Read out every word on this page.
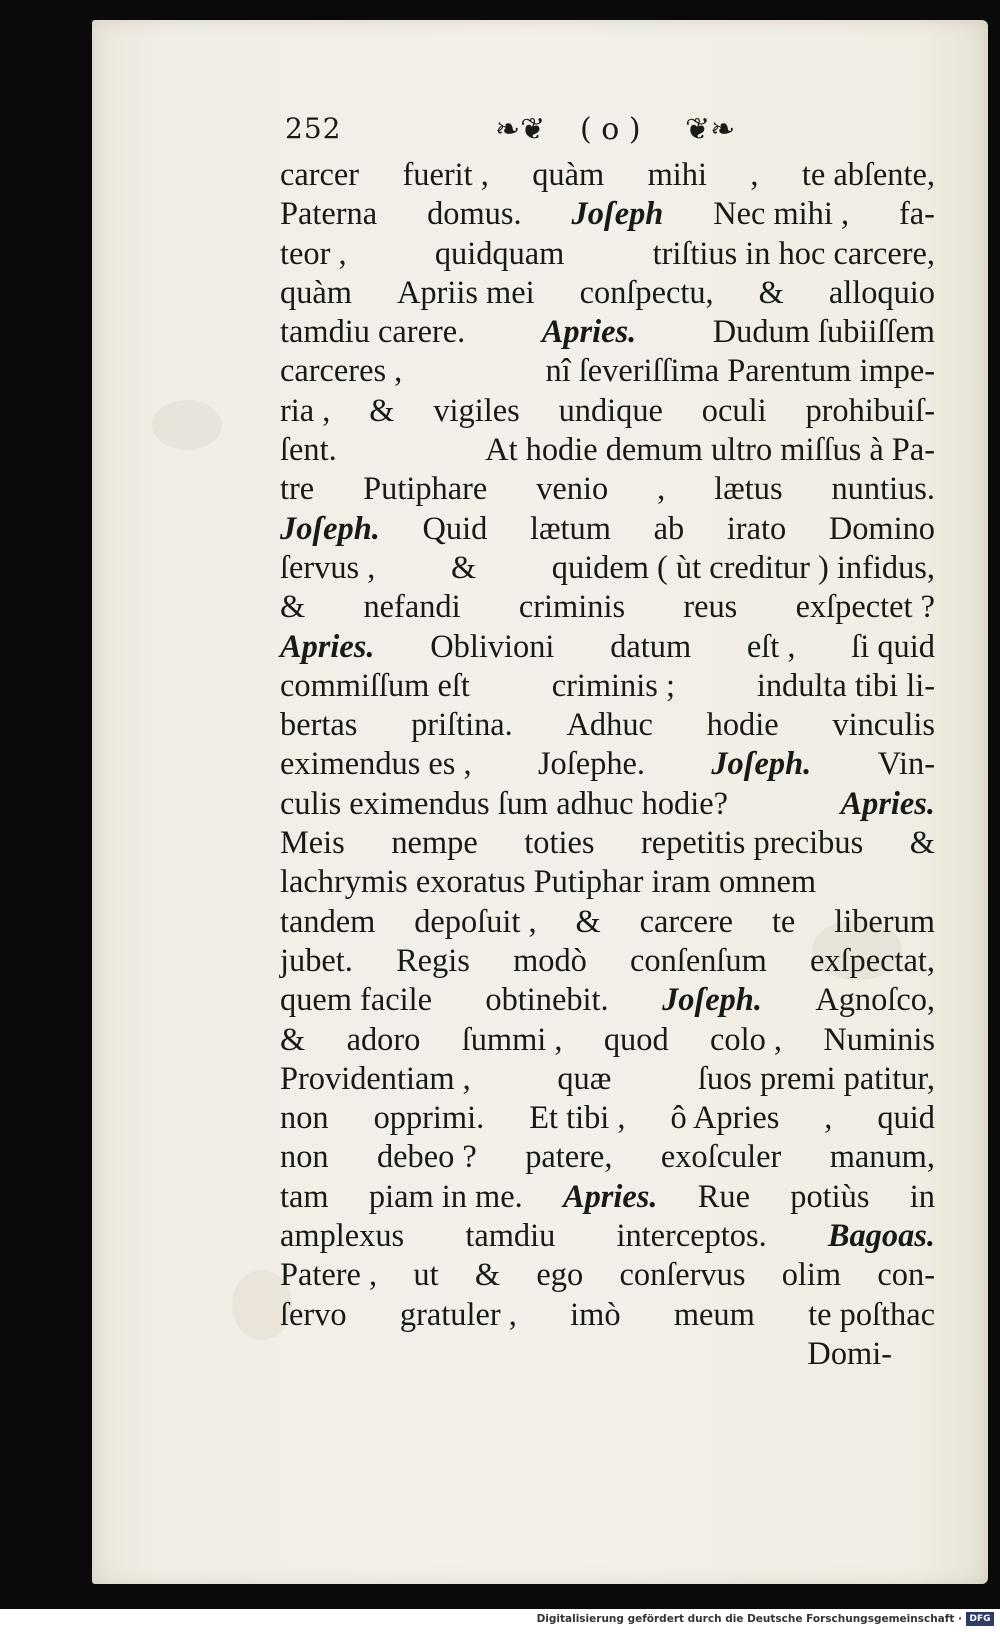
252	❧❦ ( o ) ❦❧
carcer fuerit , quàm mihi , te abſente,
Paterna domus. Joſeph Nec mihi , fa-
teor ,	quidquam	triſtius in hoc carcere,
quàm Apriis mei conſpectu, & alloquio
tamdiu carere. Apries. Dudum ſubiiſſem
carceres ,	nî ſeveriſſima Parentum impe-
ria , & vigiles undique oculi prohibuiſ-
ſent.	At hodie demum ultro miſſus à Pa-
tre Putiphare venio , lætus nuntius.
Joſeph. Quid lætum ab irato Domino
ſervus , & quidem ( ùt creditur ) infidus,
& nefandi criminis reus exſpectet ?
Apries. Oblivioni datum eſt , ſi quid
commiſſum eſt	criminis ;	indulta tibi li-
bertas priſtina. Adhuc hodie vinculis
eximendus es , Joſephe. Joſeph. Vin-
culis eximendus ſum adhuc hodie?	Apries.
Meis nempe toties repetitis precibus &
lachrymis exoratus Putiphar iram omnem
tandem depoſuit , & carcere te liberum
jubet. Regis modò conſenſum exſpectat,
quem facile obtinebit. Joſeph. Agnoſco,
& adoro ſummi , quod colo , Numinis
Providentiam ,	quæ	ſuos premi patitur,
non opprimi. Et tibi , ô Apries , quid
non debeo ? patere, exoſculer manum,
tam piam in me. Apries. Rue potiùs in
amplexus tamdiu interceptos. Bagoas.
Patere , ut & ego conſervus olim con-
ſervo gratuler , imò meum te poſthac
Domi-
Digitalisierung gefördert durch die Deutsche Forschungsgemeinschaft · DFG
